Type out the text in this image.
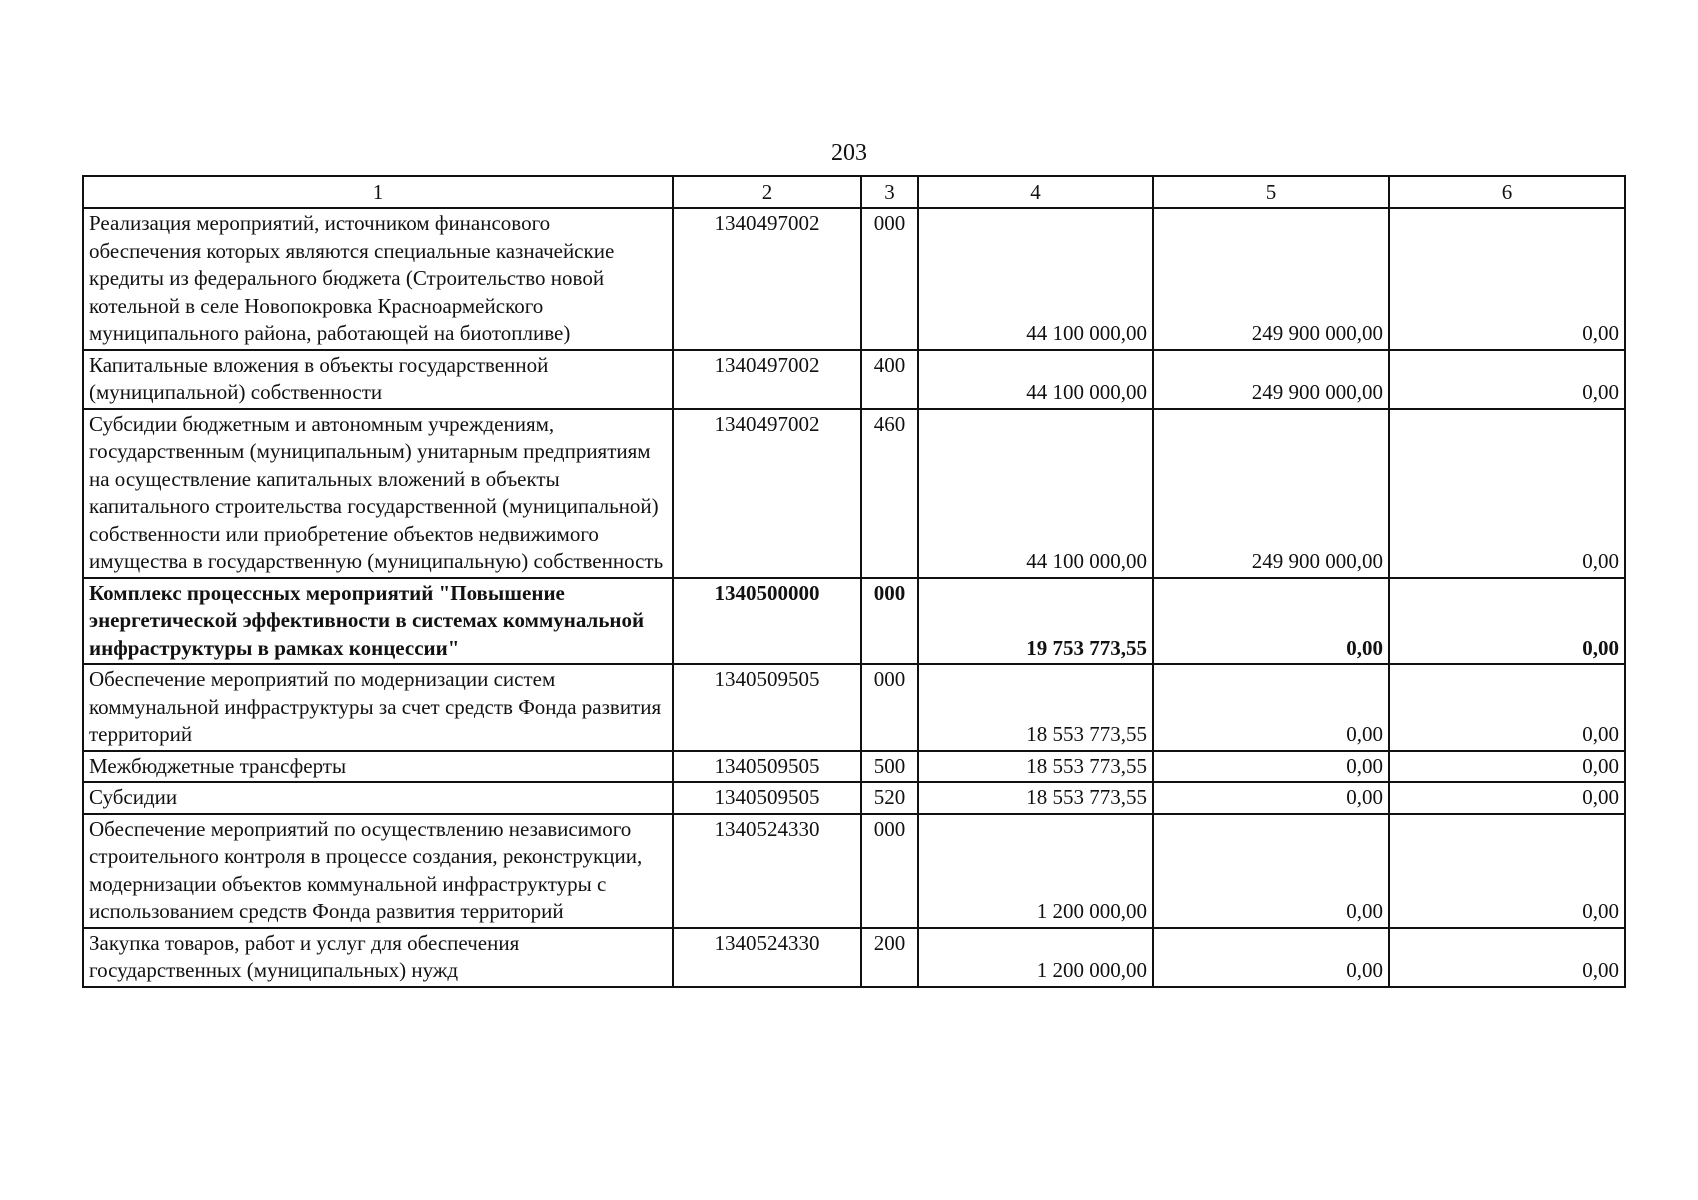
203
1	2	3	4	5	6
Реализация мероприятий, источником финансового обеспечения которых являются специальные казначейские кредиты из федерального бюджета (Строительство новой котельной в селе Новопокровка Красноармейского муниципального района, работающей на биотопливе)	1340497002	000	44 100 000,00	249 900 000,00	0,00
Капитальные вложения в объекты государственной (муниципальной) собственности	1340497002	400	44 100 000,00	249 900 000,00	0,00
Субсидии бюджетным и автономным учреждениям, государственным (муниципальным) унитарным предприятиям на осуществление капитальных вложений в объекты капитального строительства государственной (муниципальной) собственности или приобретение объектов недвижимого имущества в государственную (муниципальную) собственность	1340497002	460	44 100 000,00	249 900 000,00	0,00
Комплекс процессных мероприятий "Повышение энергетической эффективности в системах коммунальной инфраструктуры в рамках концессии"	1340500000	000	19 753 773,55	0,00	0,00
Обеспечение мероприятий по модернизации систем коммунальной инфраструктуры за счет средств Фонда развития территорий	1340509505	000	18 553 773,55	0,00	0,00
Межбюджетные трансферты	1340509505	500	18 553 773,55	0,00	0,00
Субсидии	1340509505	520	18 553 773,55	0,00	0,00
Обеспечение мероприятий по осуществлению независимого строительного контроля в процессе создания, реконструкции, модернизации объектов коммунальной инфраструктуры с использованием средств Фонда развития территорий	1340524330	000	1 200 000,00	0,00	0,00
Закупка товаров, работ и услуг для обеспечения государственных (муниципальных) нужд	1340524330	200	1 200 000,00	0,00	0,00
